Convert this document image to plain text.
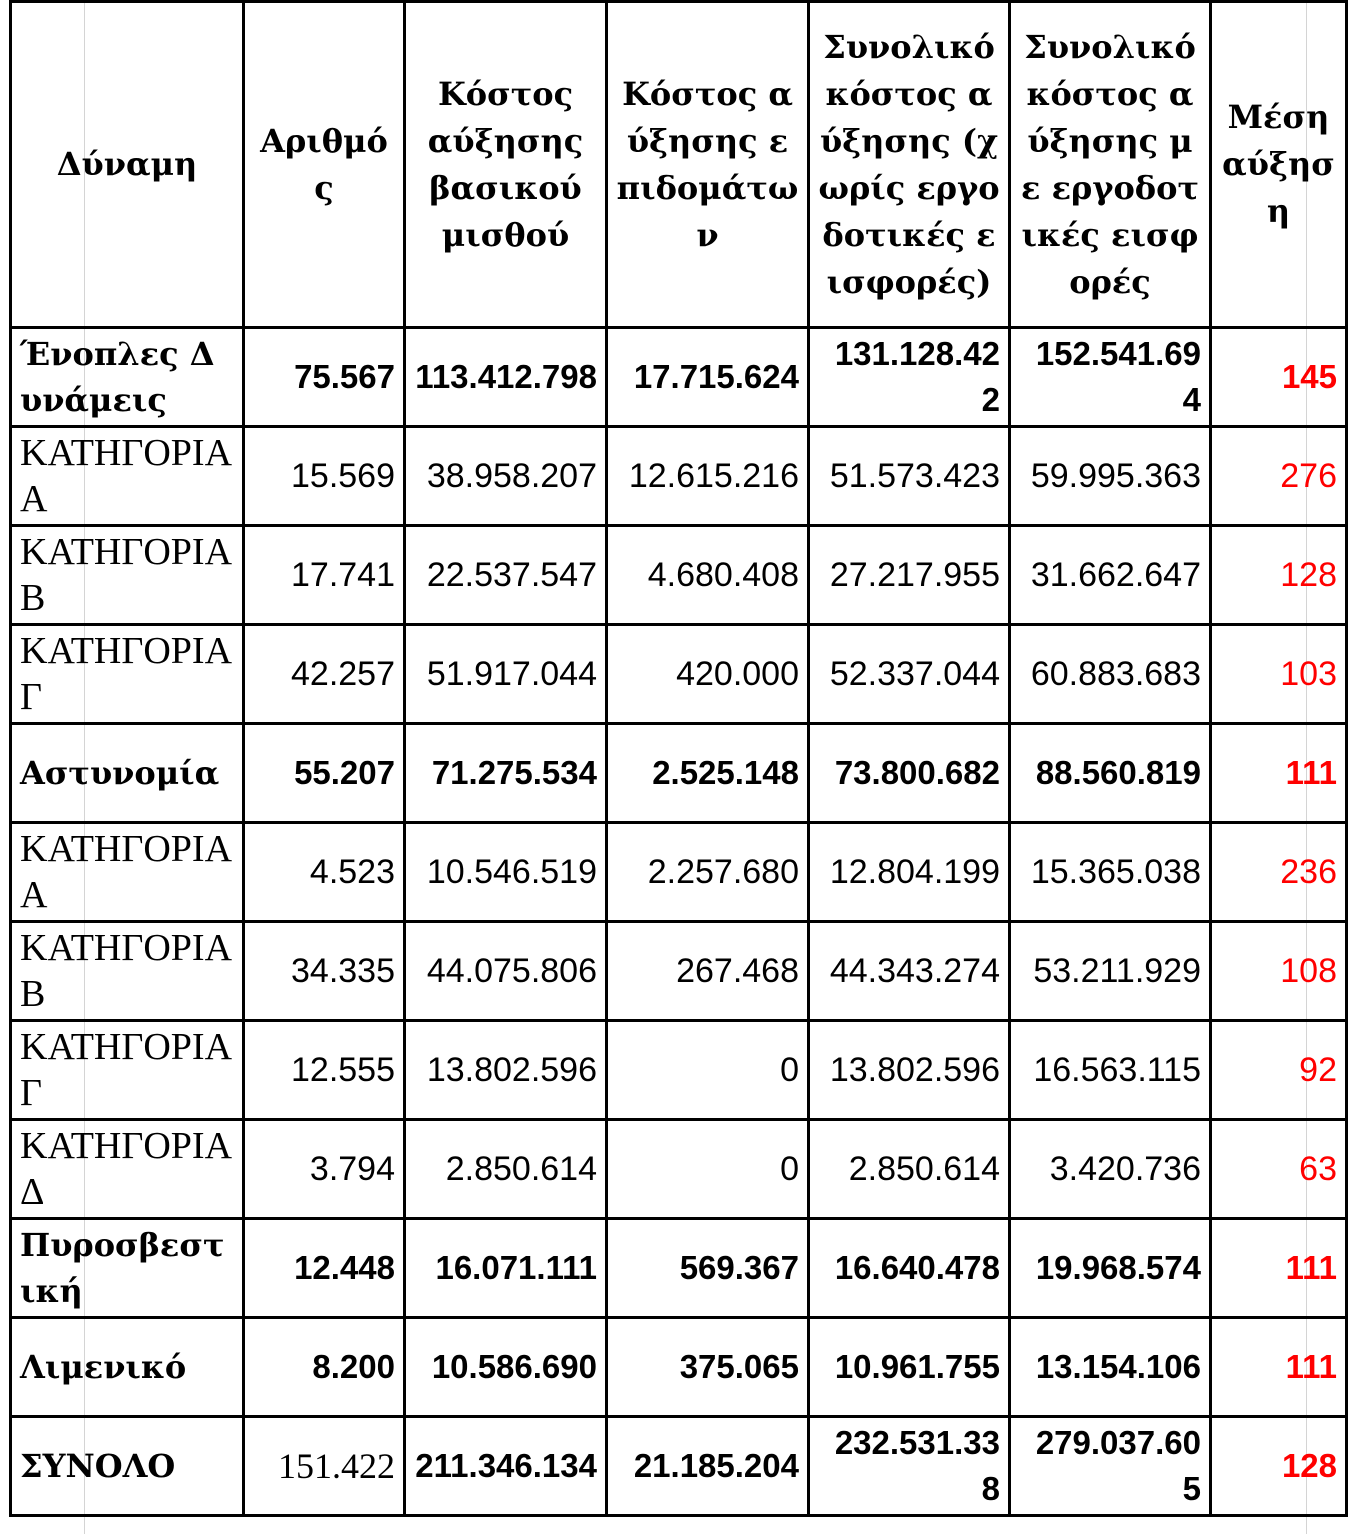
Δύναμη	Αριθμός	Κόστος αύξησης βασικού μισθού	Κόστος αύξησης επιδομάτων	Συνολικό κόστος αύξησης (χωρίς εργοδοτικές εισφορές)	Συνολικό κόστος αύξησης με εργοδοτικές εισφορές	Μέση αύξηση
Ένοπλες Δυνάμεις	75.567	113.412.798	17.715.624	131.128.422	152.541.694	145
ΚΑΤΗΓΟΡΙΑ Α	15.569	38.958.207	12.615.216	51.573.423	59.995.363	276
ΚΑΤΗΓΟΡΙΑ Β	17.741	22.537.547	4.680.408	27.217.955	31.662.647	128
ΚΑΤΗΓΟΡΙΑ Γ	42.257	51.917.044	420.000	52.337.044	60.883.683	103
Αστυνομία	55.207	71.275.534	2.525.148	73.800.682	88.560.819	111
ΚΑΤΗΓΟΡΙΑ Α	4.523	10.546.519	2.257.680	12.804.199	15.365.038	236
ΚΑΤΗΓΟΡΙΑ Β	34.335	44.075.806	267.468	44.343.274	53.211.929	108
ΚΑΤΗΓΟΡΙΑ Γ	12.555	13.802.596	0	13.802.596	16.563.115	92
ΚΑΤΗΓΟΡΙΑ Δ	3.794	2.850.614	0	2.850.614	3.420.736	63
Πυροσβεστική	12.448	16.071.111	569.367	16.640.478	19.968.574	111
Λιμενικό	8.200	10.586.690	375.065	10.961.755	13.154.106	111
ΣΥΝΟΛΟ	151.422	211.346.134	21.185.204	232.531.338	279.037.605	128
